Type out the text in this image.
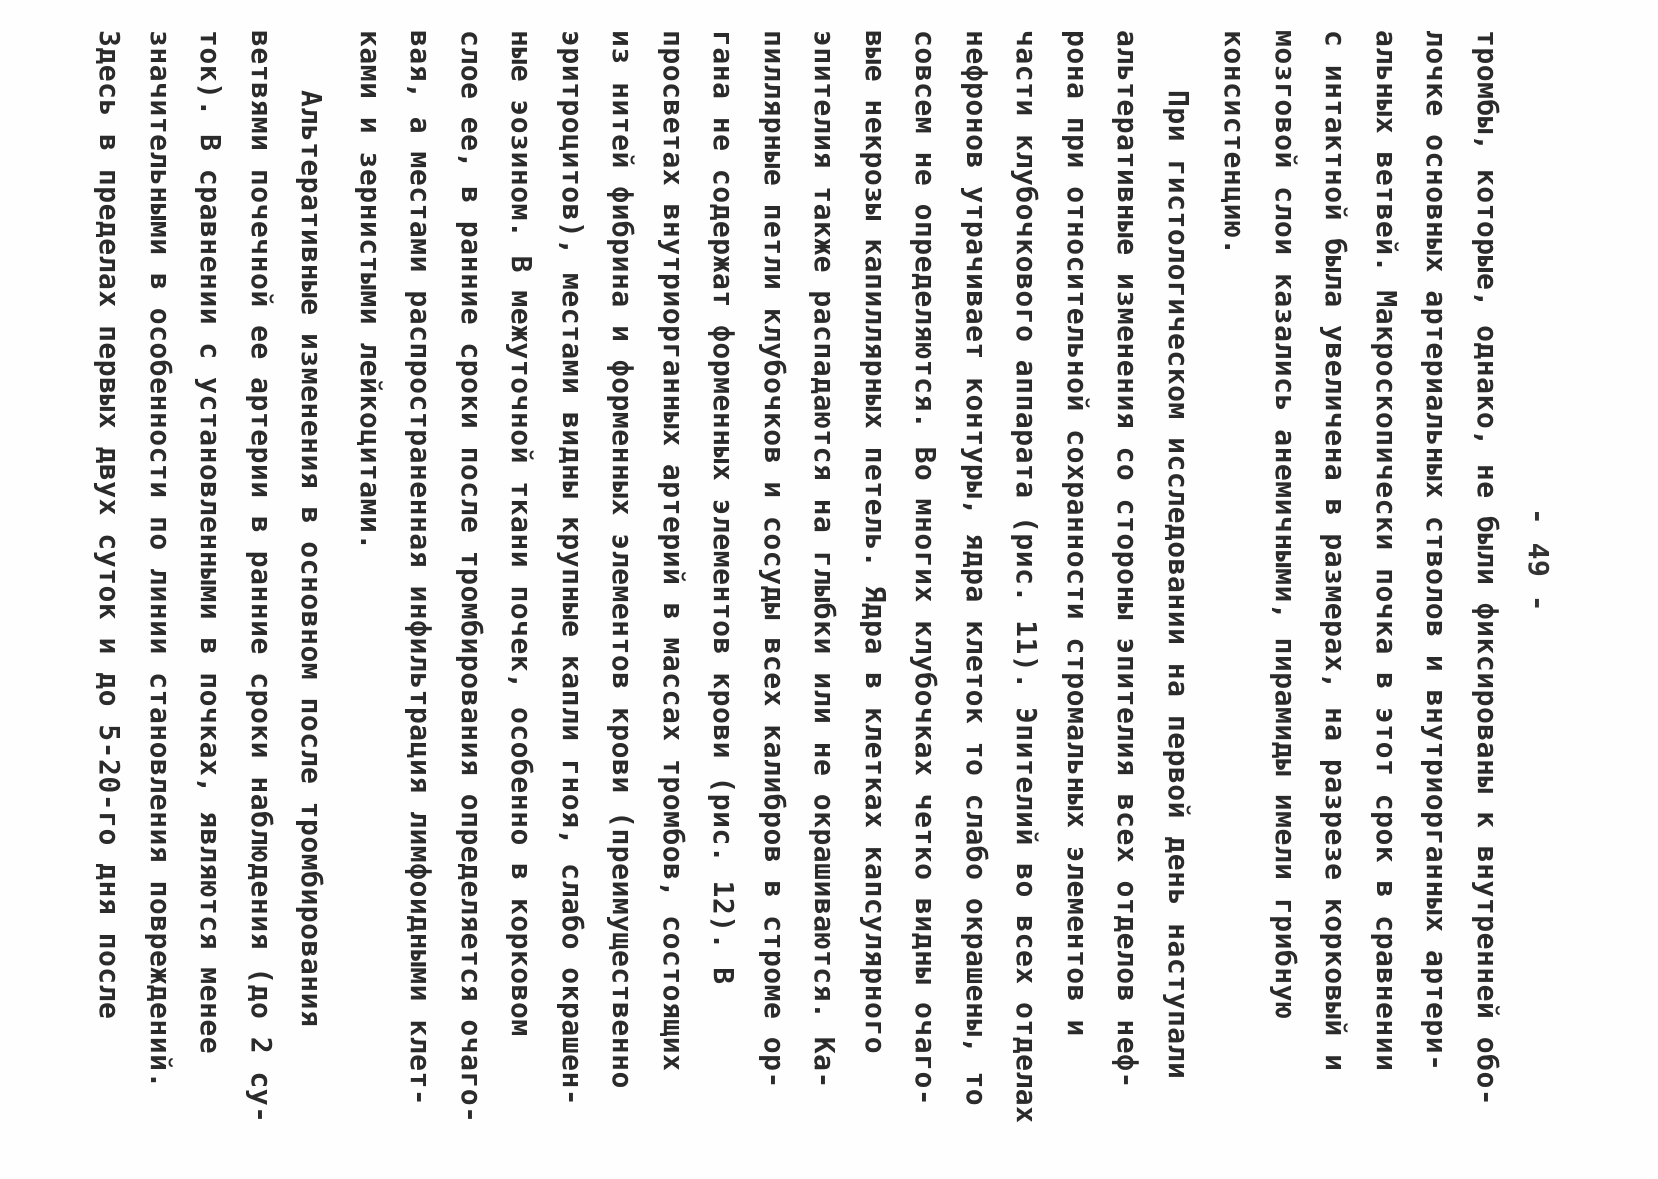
- 49 -
тромбы, которые, однако, не были фиксированы к внутренней обо-
лочке основных артериальных стволов и внутриорганных артери-
альных ветвей. Макроскопически почка в этот срок в сравнении
с интактной была увеличена в размерах, на разрезе корковый и
мозговой слои казались анемичными, пирамиды имели грибную
консистенцию.
При гистологическом исследовании на первой день наступали
альтеративные изменения со стороны эпителия всех отделов неф-
рона при относительной сохранности стромальных элементов и
части клубочкового аппарата (рис. 11). Эпителий во всех отделах
нефронов утрачивает контуры, ядра клеток то слабо окрашены, то
совсем не определяются. Во многих клубочках четко видны очаго-
вые некрозы капиллярных петель. Ядра в клетках капсулярного
эпителия также распадаются на глыбки или не окрашиваются. Ка-
пиллярные петли клубочков и сосуды всех калибров в строме ор-
гана не содержат форменных элементов крови (рис. 12). В
просветах внутриорганных артерий в массах тромбов, состоящих
из нитей фибрина и форменных элементов крови (преимущественно
эритроцитов), местами видны крупные капли гноя, слабо окрашен-
ные эозином. В межуточной ткани почек, особенно в корковом
слое ее, в ранние сроки после тромбирования определяется очаго-
вая, а местами распространенная инфильтрация лимфоидными клет-
ками и зернистыми лейкоцитами.
Альтеративные изменения в основном после тромбирования
ветвями почечной ее артерии в ранние сроки наблюдения (до 2 су-
ток). В сравнении с установленными в почках, являются менее
значительными в особенности по линии становления повреждений.
Здесь в пределах первых двух суток и до 5-20-го дня после
